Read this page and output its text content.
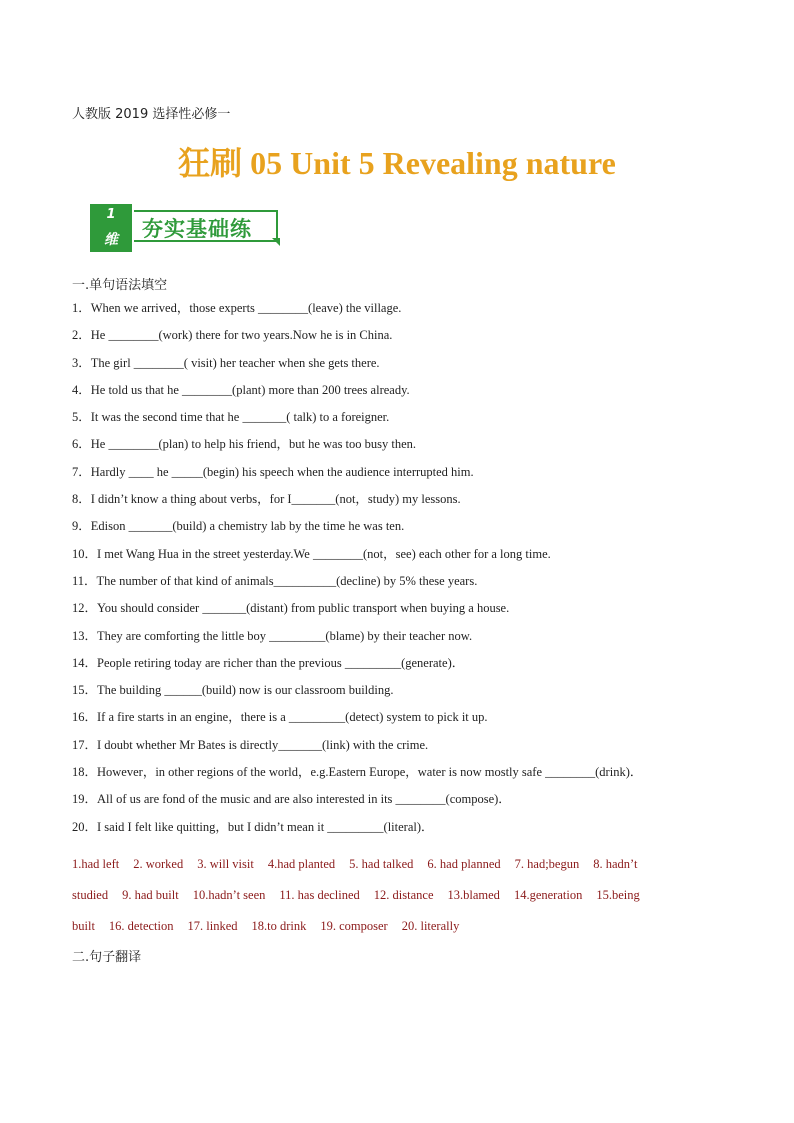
人教版 2019 选择性必修一
狂刷 05 Unit 5 Revealing nature
1
维	夯实基础练
一.单句语法填空
1．When we arrived，those experts ________(leave) the village.
2．He ________(work) there for two years.Now he is in China.
3．The girl ________( visit) her teacher when she gets there.
4．He told us that he ________(plant) more than 200 trees already.
5．It was the second time that he _______( talk) to a foreigner.
6．He ________(plan) to help his friend，but he was too busy then.
7．Hardly ____ he _____(begin) his speech when the audience interrupted him.
8．I didn’t know a thing about verbs，for I_______(not，study) my lessons.
9．Edison _______(build) a chemistry lab by the time he was ten.
10．I met Wang Hua in the street yesterday.We ________(not，see) each other for a long time.
11．The number of that kind of animals__________(decline) by 5% these years.
12．You should consider _______(distant) from public transport when buying a house.
13．They are comforting the little boy _________(blame) by their teacher now.
14．People retiring today are richer than the previous _________(generate)．
15．The building ______(build) now is our classroom building.
16．If a fire starts in an engine，there is a _________(detect) system to pick it up.
17．I doubt whether Mr Bates is directly_______(link) with the crime.
18．However，in other regions of the world，e.g.Eastern Europe，water is now mostly safe ________(drink)．
19．All of us are fond of the music and are also interested in its ________(compose)．
20．I said I felt like quitting，but I didn’t mean it _________(literal)．
1.had left 2. worked 3. will visit 4.had planted 5. had talked 6. had planned 7. had;begun 8. hadn’t
studied 9. had built 10.hadn’t seen 11. has declined 12. distance 13.blamed 14.generation 15.being
built 16. detection 17. linked 18.to drink 19. composer 20. literally
二.句子翻译
